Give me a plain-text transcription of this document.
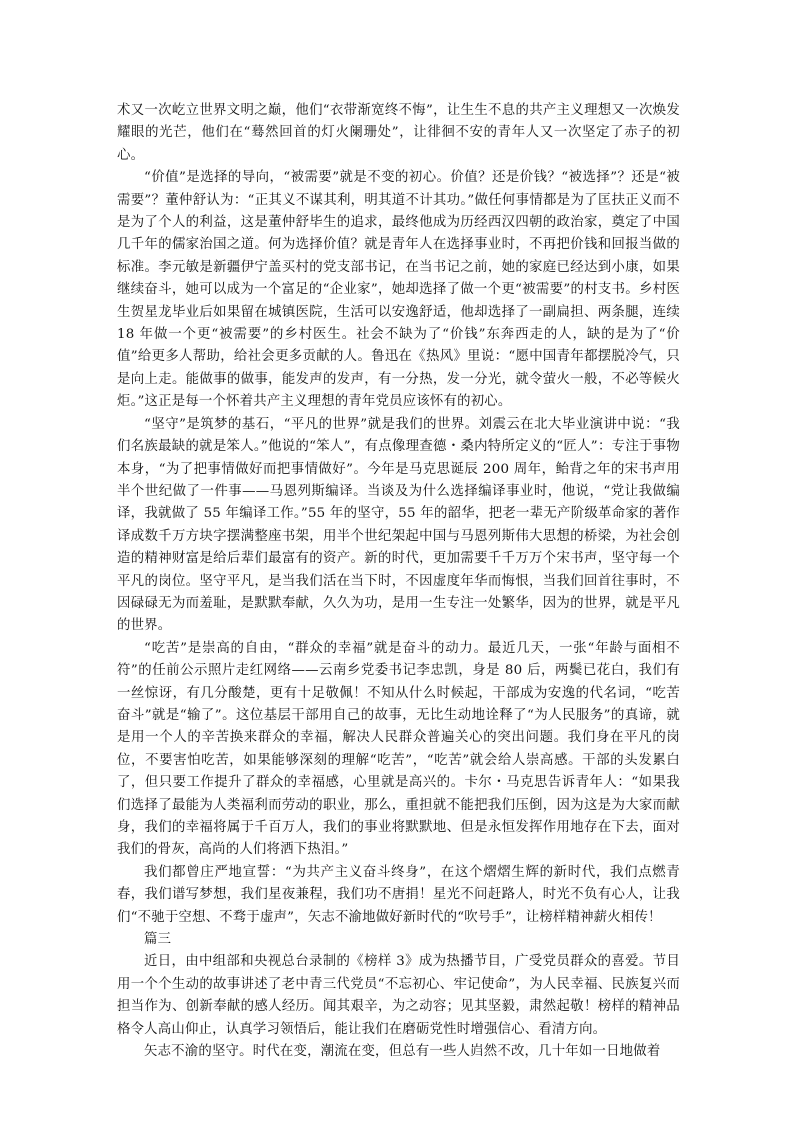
术又一次屹立世界文明之巅，他们“衣带渐宽终不悔”，让生生不息的共产主义理想又一次焕发耀眼的光芒，他们在“蓦然回首的灯火阑珊处”，让徘徊不安的青年人又一次坚定了赤子的初心。

“价值”是选择的导向，“被需要”就是不变的初心。价值？还是价钱？“被选择”？还是“被需要”？董仲舒认为：“正其义不谋其利，明其道不计其功。”做任何事情都是为了匡扶正义而不是为了个人的利益，这是董仲舒毕生的追求，最终他成为历经西汉四朝的政治家，奠定了中国几千年的儒家治国之道。何为选择价值？就是青年人在选择事业时，不再把价钱和回报当做的标准。李元敏是新疆伊宁盖买村的党支部书记，在当书记之前，她的家庭已经达到小康，如果继续奋斗，她可以成为一个富足的“企业家”，她却选择了做一个更“被需要”的村支书。乡村医生贺星龙毕业后如果留在城镇医院，生活可以安逸舒适，他却选择了一副扁担、两条腿，连续 18 年做一个更“被需要”的乡村医生。社会不缺为了“价钱”东奔西走的人，缺的是为了“价值”给更多人帮助，给社会更多贡献的人。鲁迅在《热风》里说：“愿中国青年都摆脱冷气，只是向上走。能做事的做事，能发声的发声，有一分热，发一分光，就令萤火一般，不必等候火炬。”这正是每一个怀着共产主义理想的青年党员应该怀有的初心。

“坚守”是筑梦的基石，“平凡的世界”就是我们的世界。刘震云在北大毕业演讲中说：“我们名族最缺的就是笨人。”他说的“笨人”，有点像理查德・桑内特所定义的“匠人”：专注于事物本身，“为了把事情做好而把事情做好”。今年是马克思诞辰 200 周年，鲐背之年的宋书声用半个世纪做了一件事——马恩列斯编译。当谈及为什么选择编译事业时，他说，“党让我做编译，我就做了 55 年编译工作。”55 年的坚守，55 年的韶华，把老一辈无产阶级革命家的著作译成数千万方块字摆满整座书架，用半个世纪架起中国与马恩列斯伟大思想的桥梁，为社会创造的精神财富是给后辈们最富有的资产。新的时代，更加需要千千万万个宋书声，坚守每一个平凡的岗位。坚守平凡，是当我们活在当下时，不因虚度年华而悔恨，当我们回首往事时，不因碌碌无为而羞耻，是默默奉献，久久为功，是用一生专注一处繁华，因为的世界，就是平凡的世界。

“吃苦”是崇高的自由，“群众的幸福”就是奋斗的动力。最近几天，一张“年龄与面相不符”的任前公示照片走红网络——云南乡党委书记李忠凯，身是 80 后，两鬓已花白，我们有一丝惊讶，有几分酸楚，更有十足敬佩！不知从什么时候起，干部成为安逸的代名词，“吃苦奋斗”就是“输了”。这位基层干部用自己的故事，无比生动地诠释了“为人民服务”的真谛，就是用一个人的辛苦换来群众的幸福，解决人民群众普遍关心的突出问题。我们身在平凡的岗位，不要害怕吃苦，如果能够深刻的理解“吃苦”，“吃苦”就会给人崇高感。干部的头发累白了，但只要工作提升了群众的幸福感，心里就是高兴的。卡尔・马克思告诉青年人：“如果我们选择了最能为人类福利而劳动的职业，那么，重担就不能把我们压倒，因为这是为大家而献身，我们的幸福将属于千百万人，我们的事业将默默地、但是永恒发挥作用地存在下去，面对我们的骨灰，高尚的人们将洒下热泪。”

我们都曾庄严地宣誓：“为共产主义奋斗终身”，在这个熠熠生辉的新时代，我们点燃青春，我们谱写梦想，我们星夜兼程，我们功不唐捐！星光不问赶路人，时光不负有心人，让我们“不驰于空想、不骛于虚声”，矢志不渝地做好新时代的“吹号手”，让榜样精神薪火相传！

篇三

近日，由中组部和央视总台录制的《榜样 3》成为热播节目，广受党员群众的喜爱。节目用一个个生动的故事讲述了老中青三代党员“不忘初心、牢记使命”，为人民幸福、民族复兴而担当作为、创新奉献的感人经历。闻其艰辛，为之动容；见其坚毅，肃然起敬！榜样的精神品格令人高山仰止，认真学习领悟后，能让我们在磨砺党性时增强信心、看清方向。

矢志不渝的坚守。时代在变，潮流在变，但总有一些人岿然不改，几十年如一日地做着
